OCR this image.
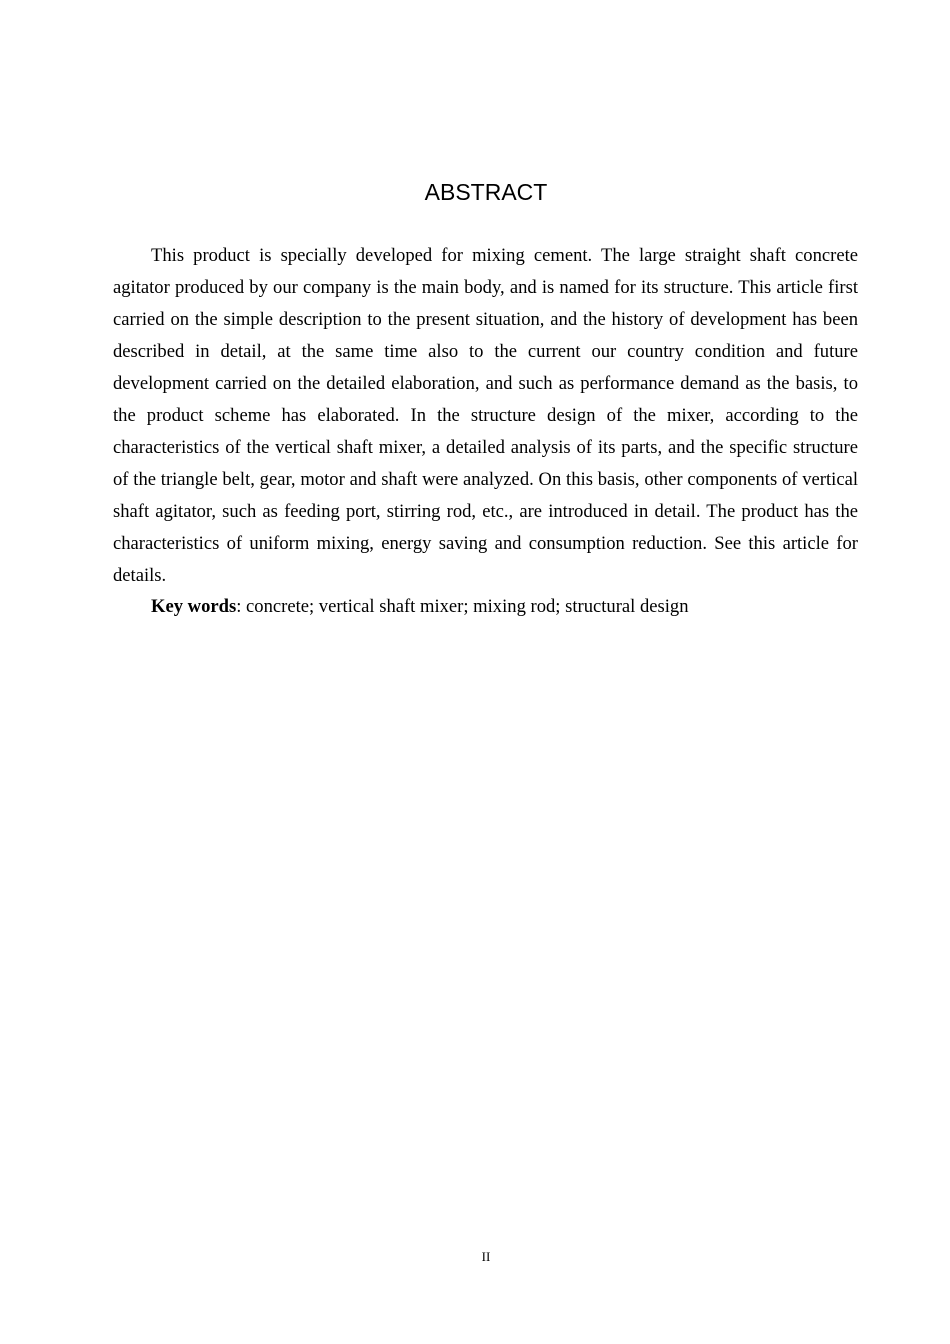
ABSTRACT

This product is specially developed for mixing cement. The large straight shaft concrete agitator produced by our company is the main body, and is named for its structure. This article first carried on the simple description to the present situation, and the history of development has been described in detail, at the same time also to the current our country condition and future development carried on the detailed elaboration, and such as performance demand as the basis, to the product scheme has elaborated. In the structure design of the mixer, according to the characteristics of the vertical shaft mixer, a detailed analysis of its parts, and the specific structure of the triangle belt, gear, motor and shaft were analyzed. On this basis, other components of vertical shaft agitator, such as feeding port, stirring rod, etc., are introduced in detail. The product has the characteristics of uniform mixing, energy saving and consumption reduction. See this article for details.

Key words: concrete; vertical shaft mixer; mixing rod; structural design

II
